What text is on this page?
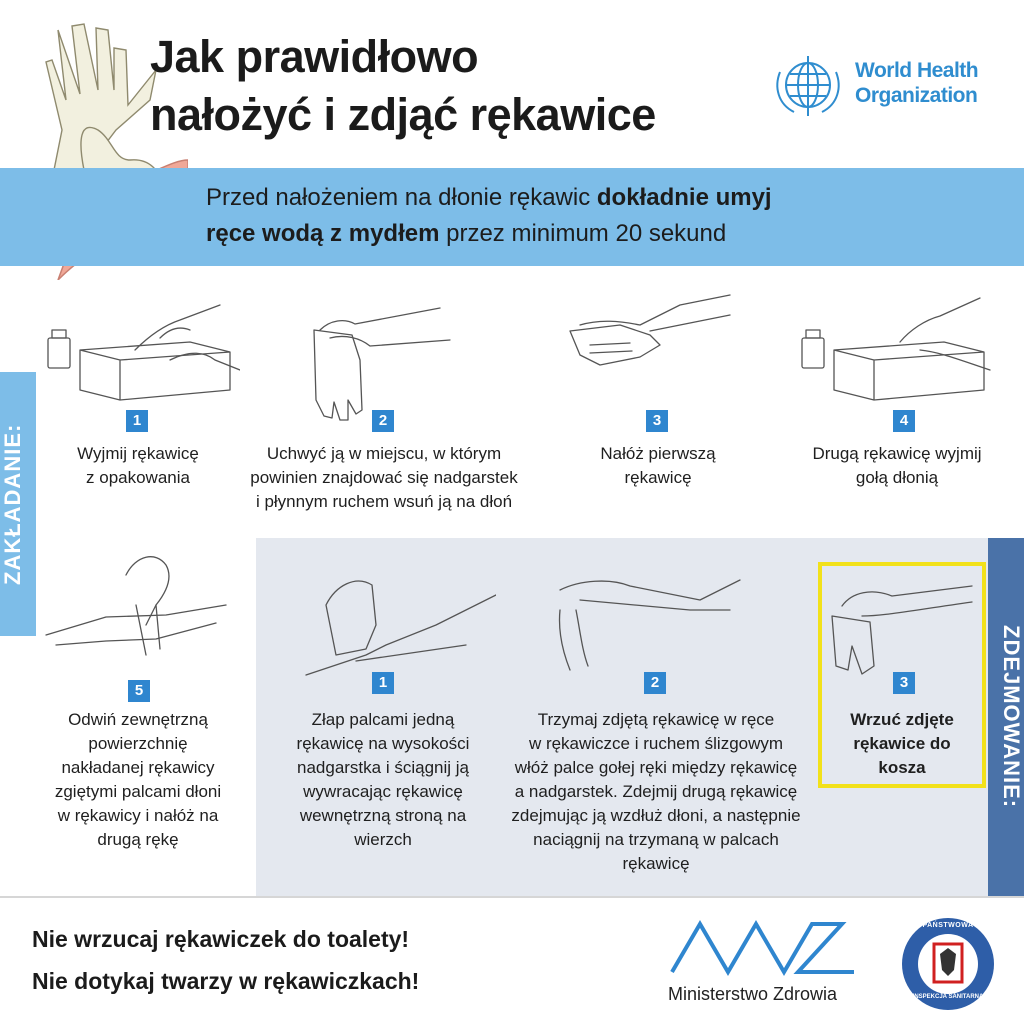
Jak prawidłowo
nałożyć i zdjąć rękawice
World Health
Organization
Przed nałożeniem na dłonie rękawic dokładnie umyj
ręce wodą z mydłem przez minimum 20 sekund
ZAKŁADANIE:
ZDEJMOWANIE:
1
Wyjmij rękawicę
z opakowania
2
Uchwyć ją w miejscu, w którym
powinien znajdować się nadgarstek
i płynnym ruchem wsuń ją na dłoń
3
Nałóż pierwszą
rękawicę
4
Drugą rękawicę wyjmij
gołą dłonią
5
Odwiń zewnętrzną
powierzchnię
nakładanej rękawicy
zgiętymi palcami dłoni
w rękawicy i nałóż na
drugą rękę
1
Złap palcami jedną
rękawicę na wysokości
nadgarstka i ściągnij ją
wywracając rękawicę
wewnętrzną stroną na
wierzch
2
Trzymaj zdjętą rękawicę w ręce
w rękawiczce i ruchem ślizgowym
włóż palce gołej ręki między rękawicę
a nadgarstek. Zdejmij drugą rękawicę
zdejmując ją wzdłuż dłoni, a następnie
naciągnij na trzymaną w palcach
rękawicę
3
Wrzuć zdjęte
rękawice do
kosza
Nie wrzucaj rękawiczek do toalety!
Nie dotykaj twarzy w rękawiczkach!	Ministerstwo Zdrowia
PAŃSTWOWA
INSPEKCJA SANITARNA
